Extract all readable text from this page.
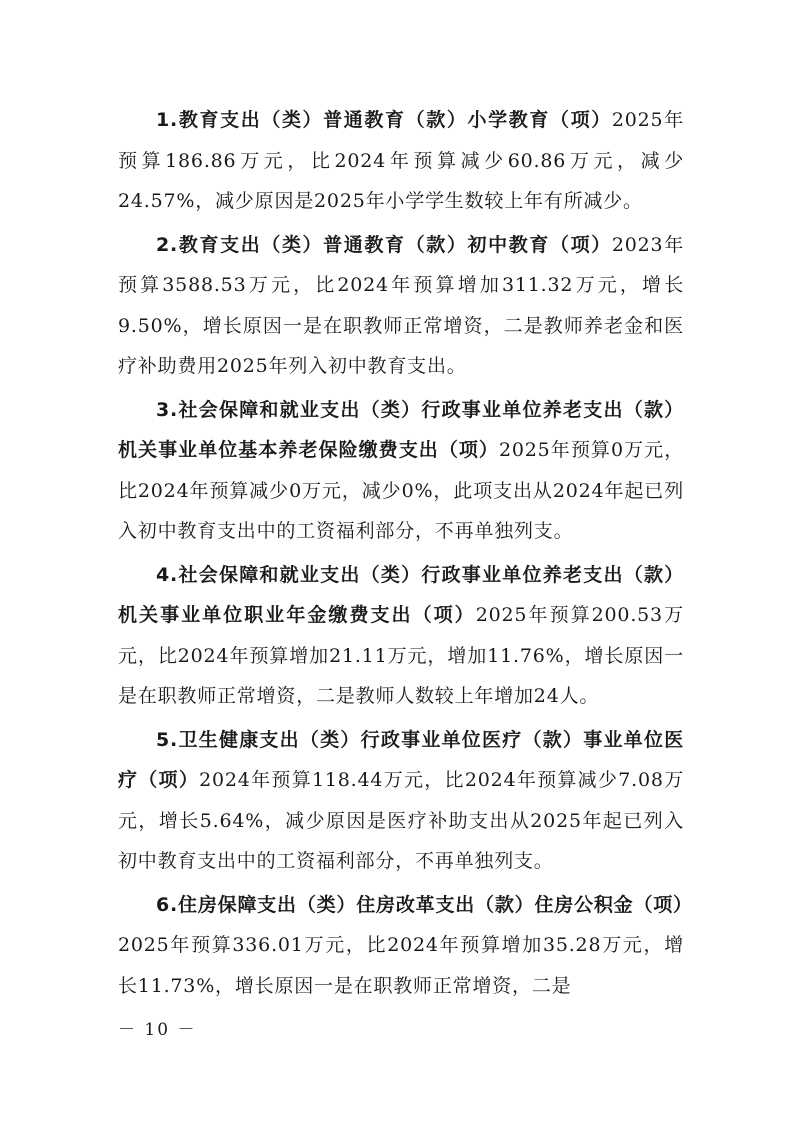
1.教育支出（类）普通教育（款）小学教育（项）2025年预算186.86万元，比2024年预算减少60.86万元，减少24.57%，减少原因是2025年小学学生数较上年有所减少。

2.教育支出（类）普通教育（款）初中教育（项）2023年预算3588.53万元，比2024年预算增加311.32万元，增长9.50%，增长原因一是在职教师正常增资，二是教师养老金和医疗补助费用2025年列入初中教育支出。

3.社会保障和就业支出（类）行政事业单位养老支出（款）机关事业单位基本养老保险缴费支出（项）2025年预算0万元，比2024年预算减少0万元，减少0%，此项支出从2024年起已列入初中教育支出中的工资福利部分，不再单独列支。

4.社会保障和就业支出（类）行政事业单位养老支出（款）机关事业单位职业年金缴费支出（项）2025年预算200.53万元，比2024年预算增加21.11万元，增加11.76%，增长原因一是在职教师正常增资，二是教师人数较上年增加24人。

5.卫生健康支出（类）行政事业单位医疗（款）事业单位医疗（项）2024年预算118.44万元，比2024年预算减少7.08万元，增长5.64%，减少原因是医疗补助支出从2025年起已列入初中教育支出中的工资福利部分，不再单独列支。

6.住房保障支出（类）住房改革支出（款）住房公积金（项）2025年预算336.01万元，比2024年预算增加35.28万元，增长11.73%，增长原因一是在职教师正常增资，二是

－ 10 －
